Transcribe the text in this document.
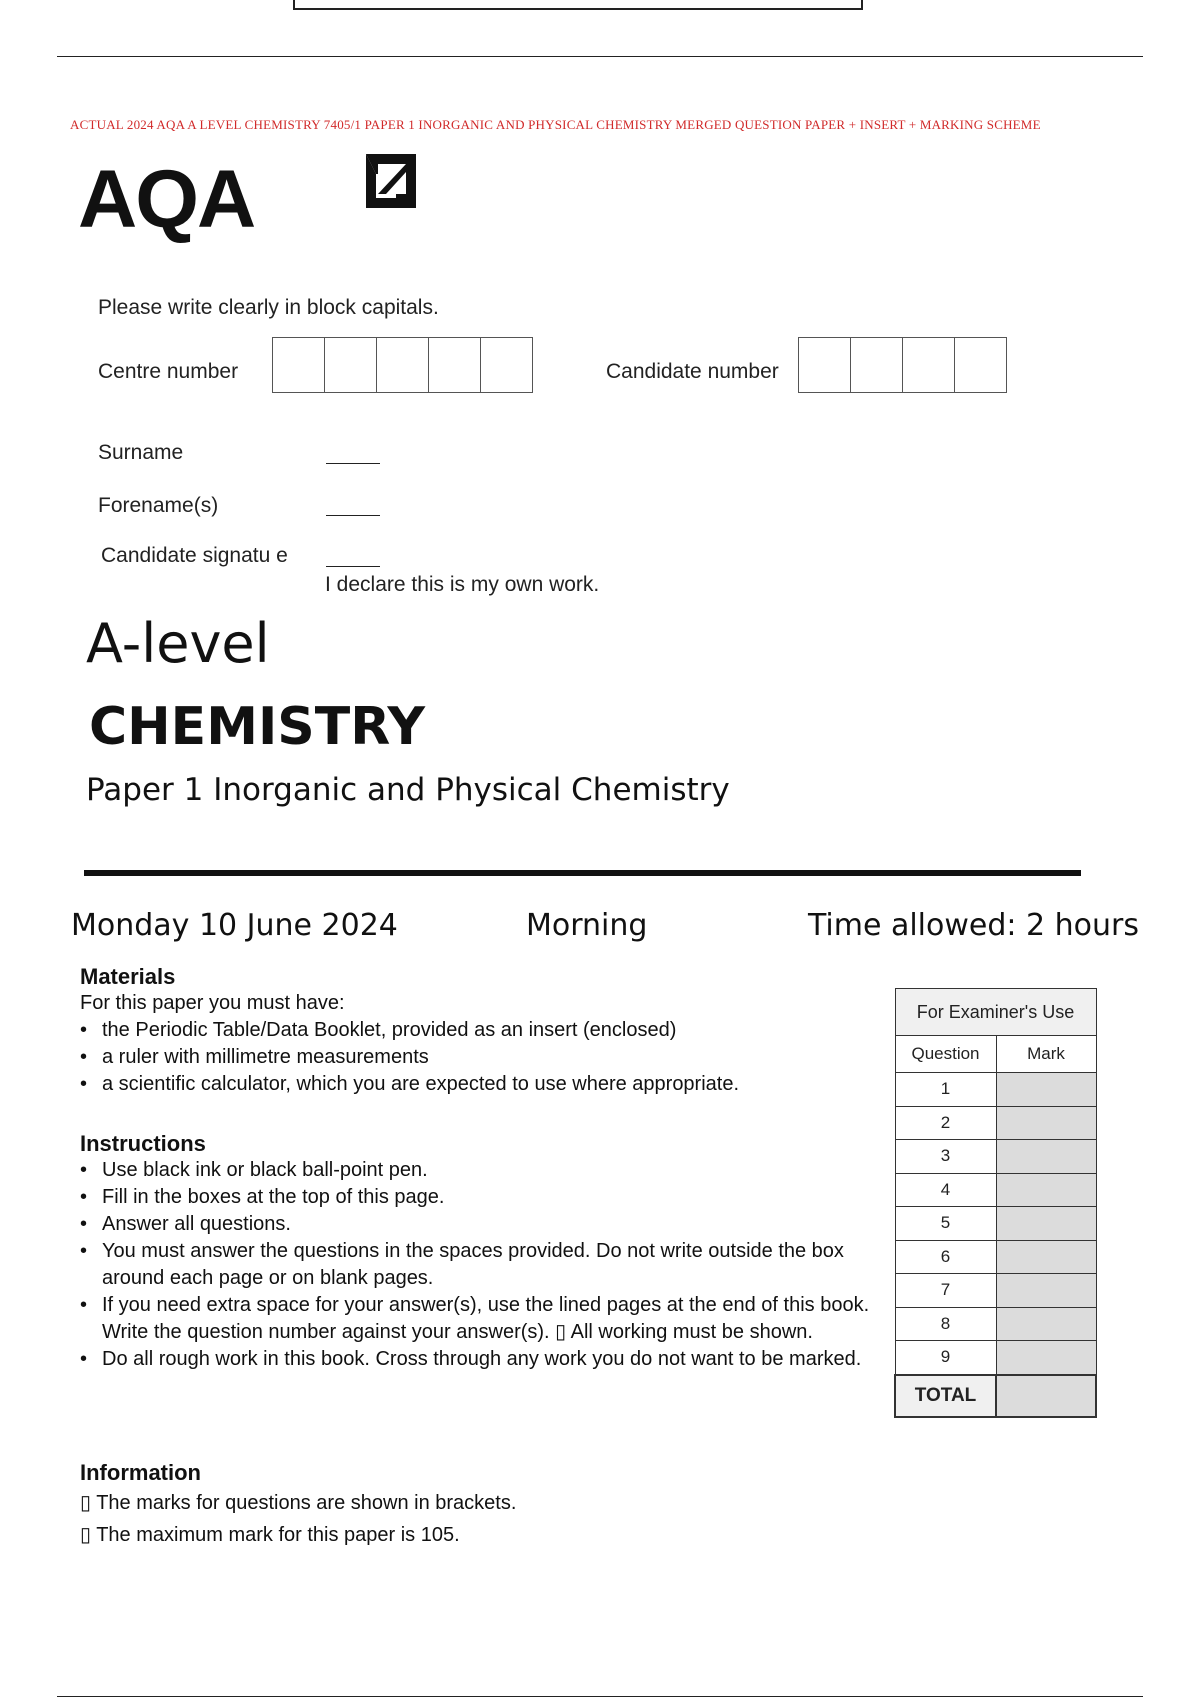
ACTUAL 2024 AQA A LEVEL CHEMISTRY 7405/1 PAPER 1 INORGANIC AND PHYSICAL CHEMISTRY MERGED QUESTION PAPER + INSERT + MARKING SCHEME
AQA
Please write clearly in block capitals.
Centre number	Candidate number
Surname
Forename(s)
Candidate signatu e
I declare this is my own work.
A-level
CHEMISTRY
Paper 1 Inorganic and Physical Chemistry
Monday 10 June 2024	Morning	Time allowed: 2 hours
Materials
For this paper you must have:
• the Periodic Table/Data Booklet, provided as an insert (enclosed)
• a ruler with millimetre measurements
• a scientific calculator, which you are expected to use where appropriate.
Instructions
• Use black ink or black ball-point pen.
• Fill in the boxes at the top of this page.
• Answer all questions.
• You must answer the questions in the spaces provided. Do not write outside the box around each page or on blank pages.
• If you need extra space for your answer(s), use the lined pages at the end of this book. Write the question number against your answer(s). ▯ All working must be shown.
• Do all rough work in this book. Cross through any work you do not want to be marked.
Information
▯ The marks for questions are shown in brackets.
▯ The maximum mark for this paper is 105.
For Examiner's Use	
Question	Mark
1	
2	
3	
4	
5	
6	
7	
8	
9	
TOTAL	
